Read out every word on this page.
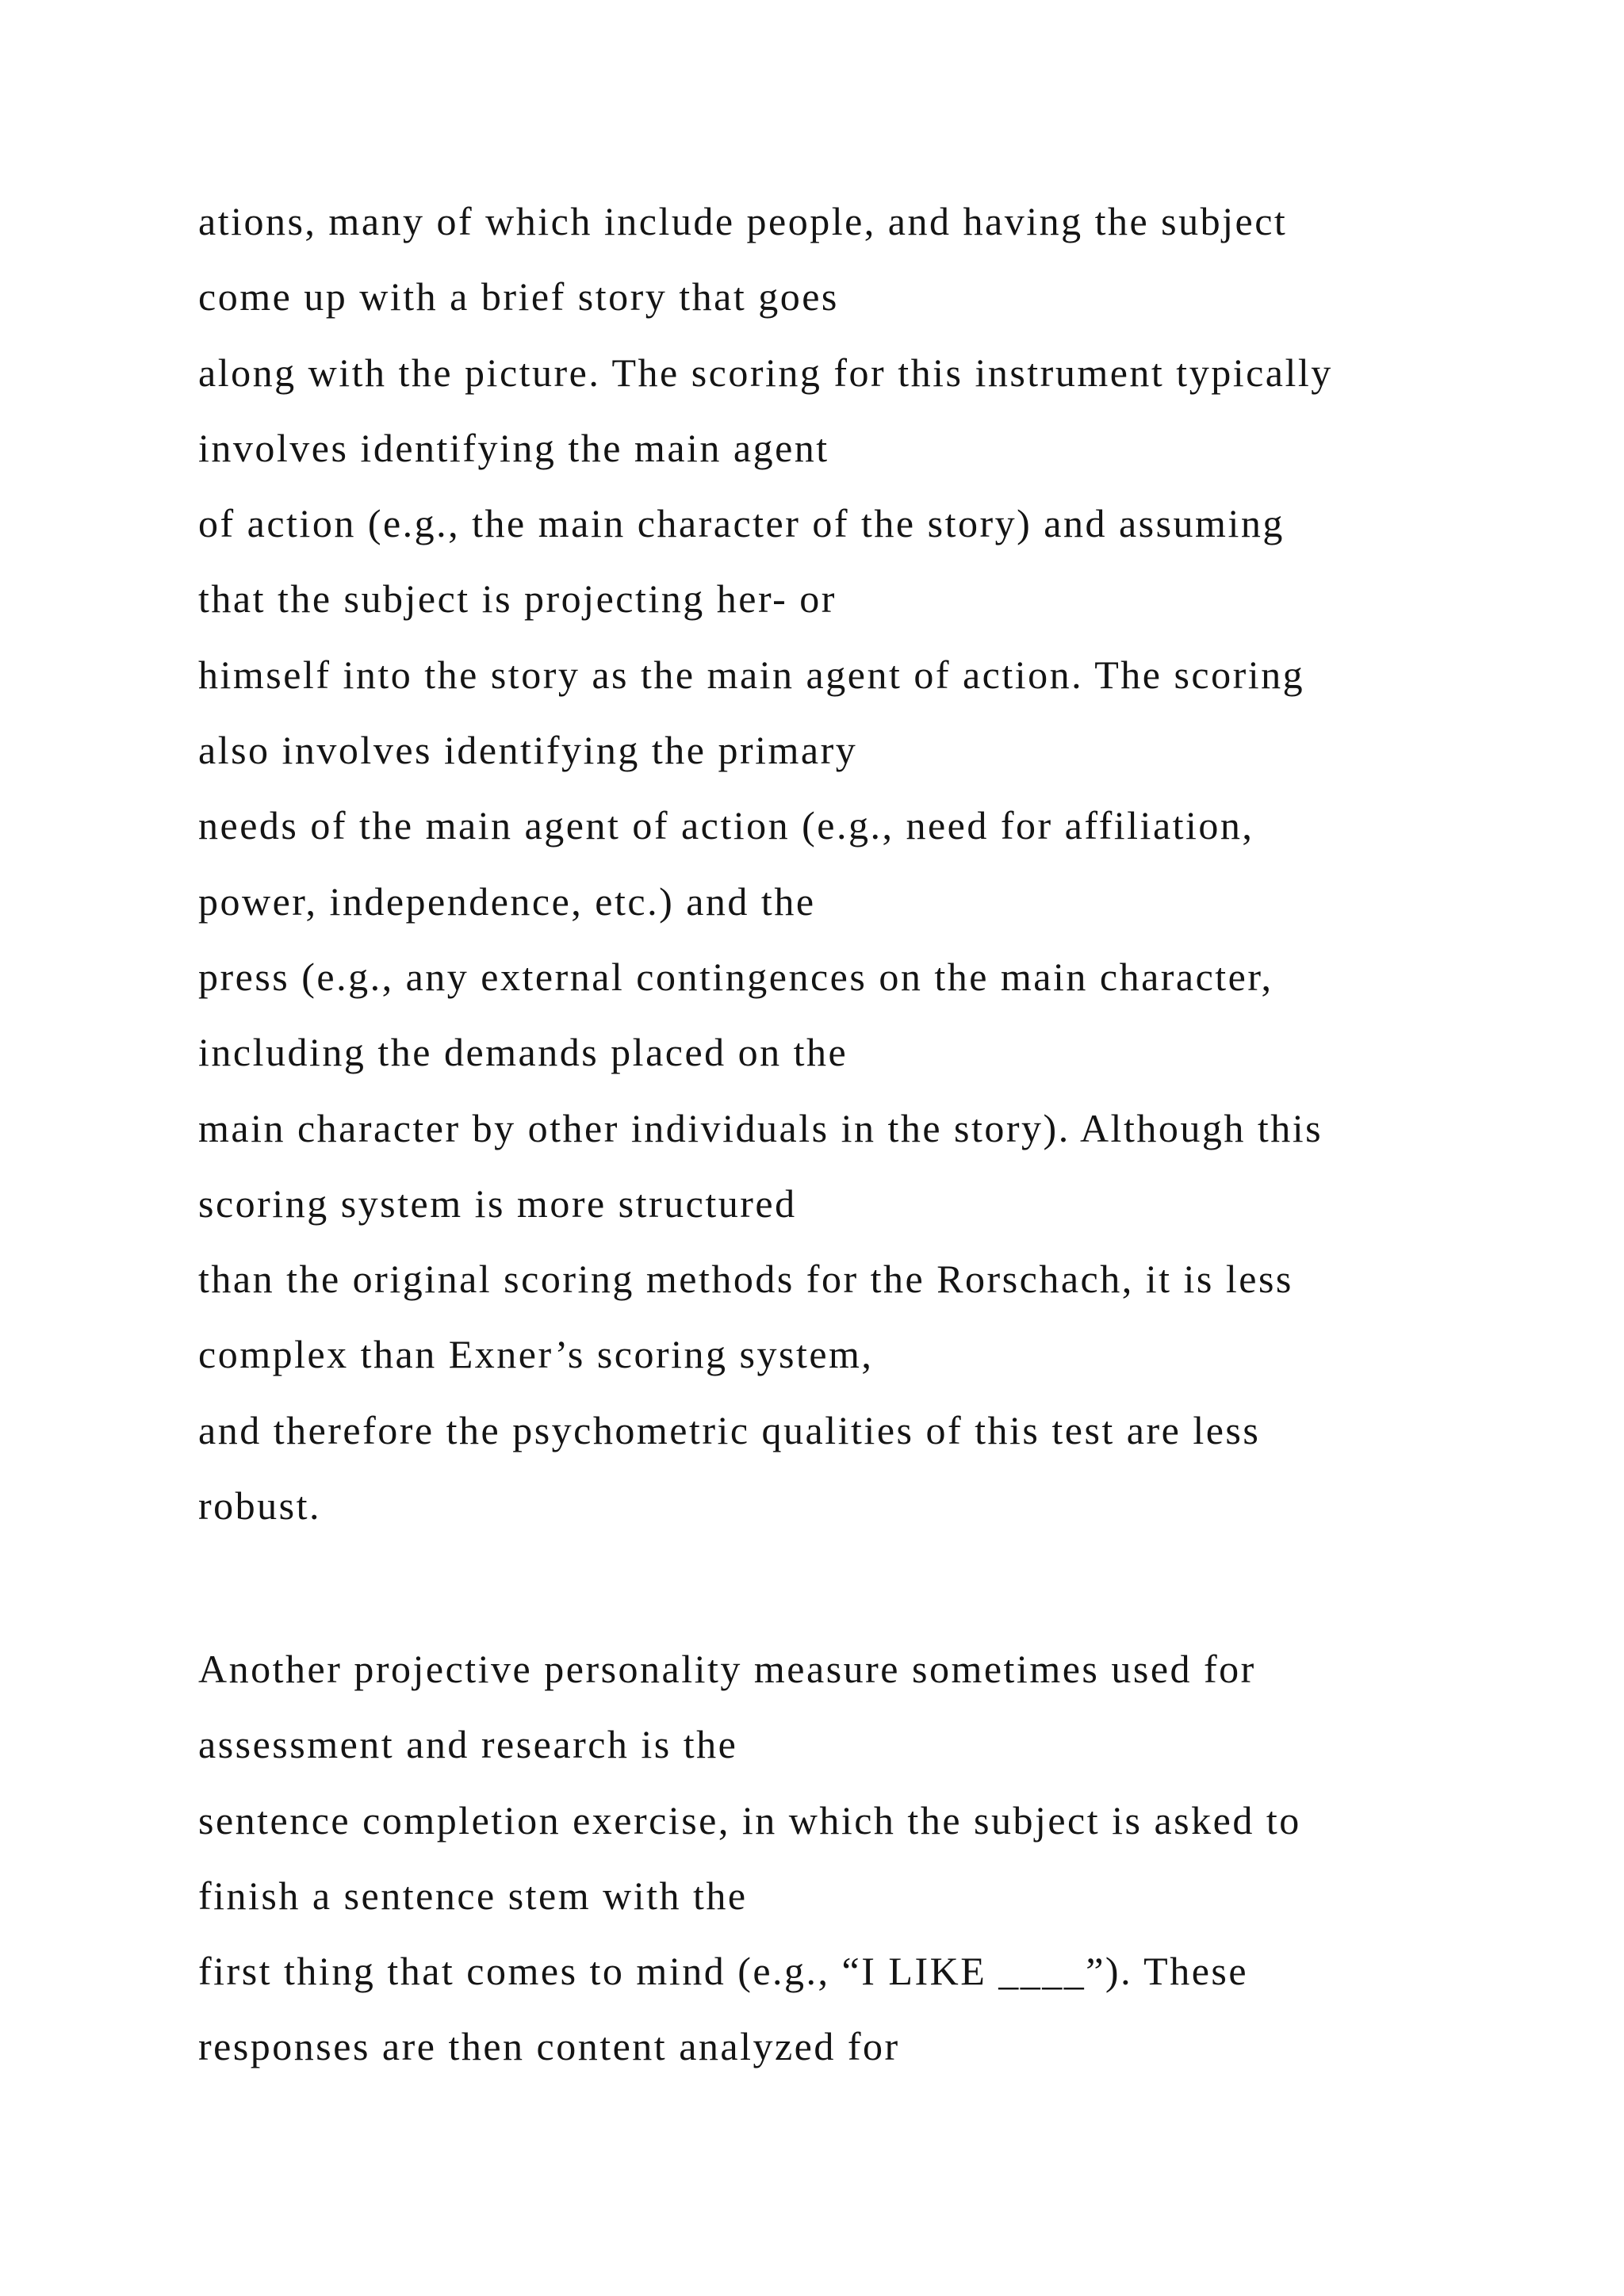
ations, many of which include people, and having the subject
come up with a brief story that goes
along with the picture. The scoring for this instrument typically
involves identifying the main agent
of action (e.g., the main character of the story) and assuming
that the subject is projecting her- or
himself into the story as the main agent of action. The scoring
also involves identifying the primary
needs of the main agent of action (e.g., need for affiliation,
power, independence, etc.) and the
press (e.g., any external contingences on the main character,
including the demands placed on the
main character by other individuals in the story). Although this
scoring system is more structured
than the original scoring methods for the Rorschach, it is less
complex than Exner’s scoring system,
and therefore the psychometric qualities of this test are less
robust.
Another projective personality measure sometimes used for
assessment and research is the
sentence completion exercise, in which the subject is asked to
finish a sentence stem with the
first thing that comes to mind (e.g., “I LIKE ____”). These
responses are then content analyzed for
